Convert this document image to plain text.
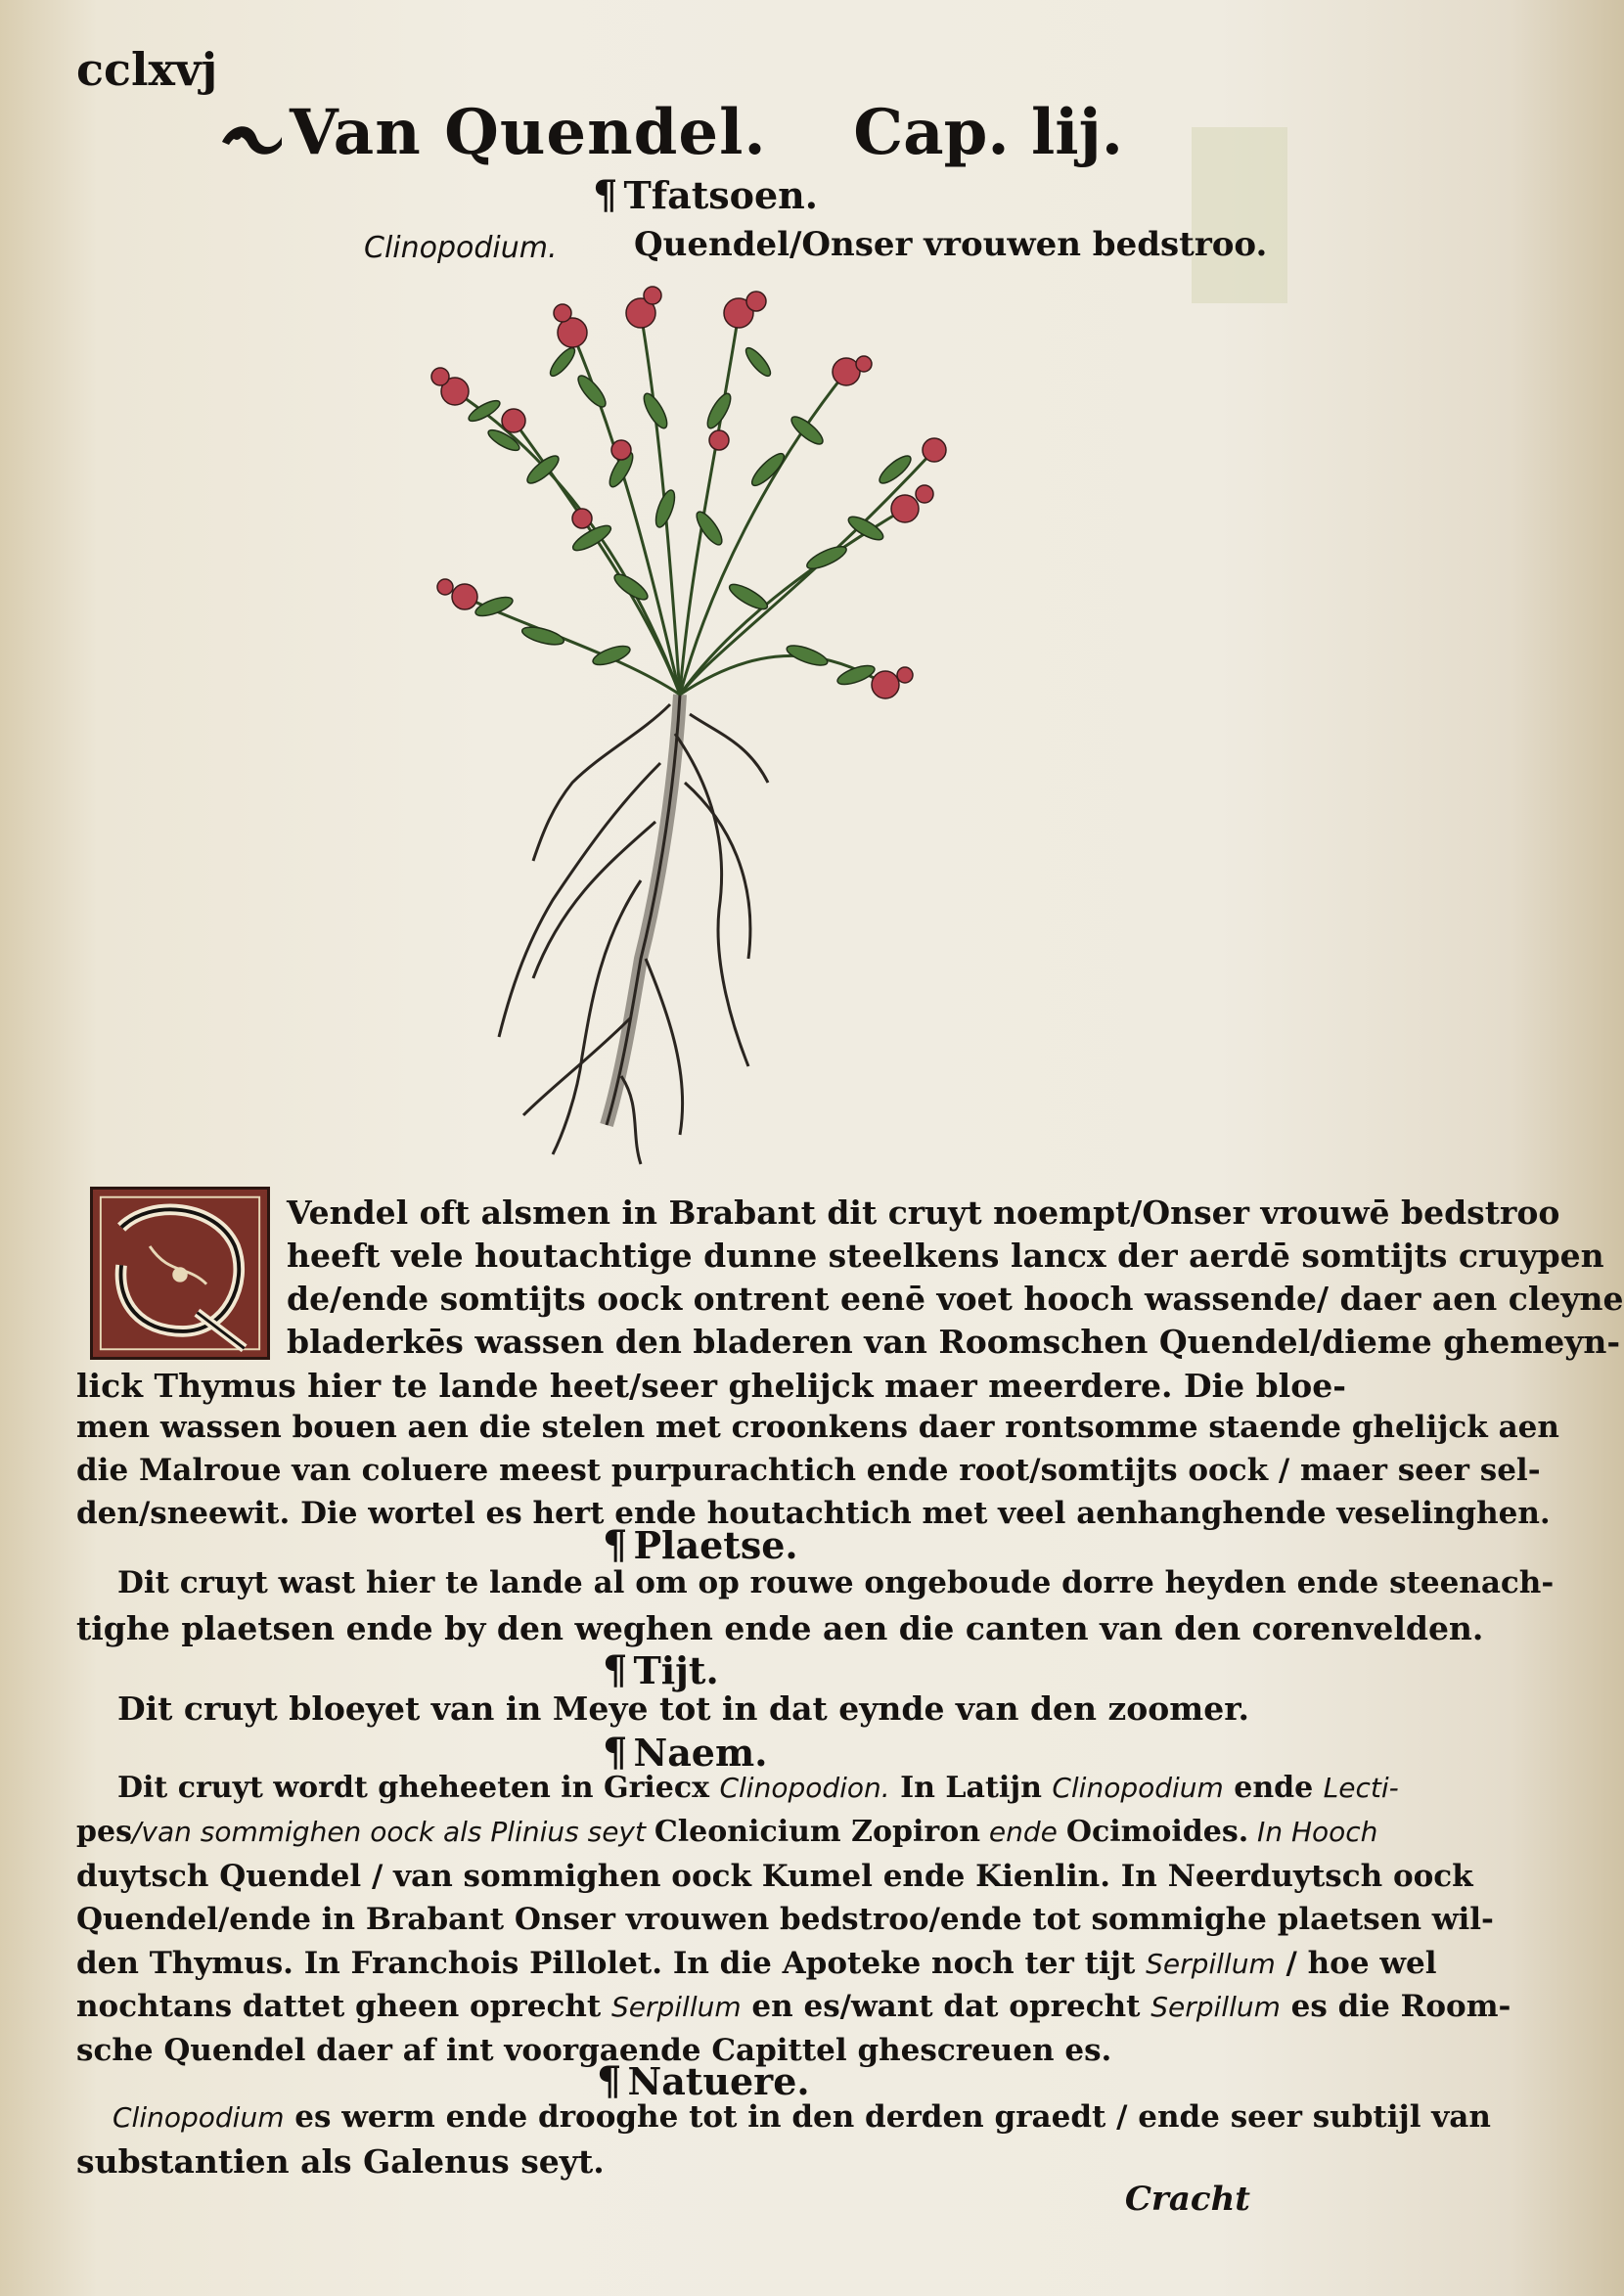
cclxvj
Van Quendel. Cap. lij.
¶ Tfatsoen.
Clinopodium. Quendel/Onser vrouwen bedstroo.
Vendel oft alsmen in Brabant dit cruyt noempt/Onser vrouwē bedstroo
heeft vele houtachtige dunne steelkens lancx der aerdē somtijts cruypen
de/ende somtijts oock ontrent eenē voet hooch wassende/ daer aen cleyne
bladerkēs wassen den bladeren van Roomschen Quendel/dieme ghemeyn-
lick Thymus hier te lande heet/seer ghelijck maer meerdere. Die bloe-
men wassen bouen aen die stelen met croonkens daer rontsomme staende ghelijck aen
die Malroue van coluere meest purpurachtich ende root/somtijts oock / maer seer sel-
den/sneewit. Die wortel es hert ende houtachtich met veel aenhanghende veselinghen.
¶ Plaetse.
Dit cruyt wast hier te lande al om op rouwe ongeboude dorre heyden ende steenach-
tighe plaetsen ende by den weghen ende aen die canten van den corenvelden.
¶ Tijt.
Dit cruyt bloeyet van in Meye tot in dat eynde van den zoomer.
¶ Naem.
Dit cruyt wordt gheheeten in Griecx Clinopodion. In Latijn Clinopodium ende Lecti-
pes/van sommighen oock als Plinius seyt Cleonicium Zopiron ende Ocimoides. In Hooch
duytsch Quendel / van sommighen oock Kumel ende Kienlin. In Neerduytsch oock
Quendel/ende in Brabant Onser vrouwen bedstroo/ende tot sommighe plaetsen wil-
den Thymus. In Franchois Pillolet. In die Apoteke noch ter tijt Serpillum / hoe wel
nochtans dattet gheen oprecht Serpillum en es/want dat oprecht Serpillum es die Room-
sche Quendel daer af int voorgaende Capittel ghescreuen es.
¶ Natuere.
Clinopodium es werm ende drooghe tot in den derden graedt / ende seer subtijl van
substantien als Galenus seyt.
Cracht
